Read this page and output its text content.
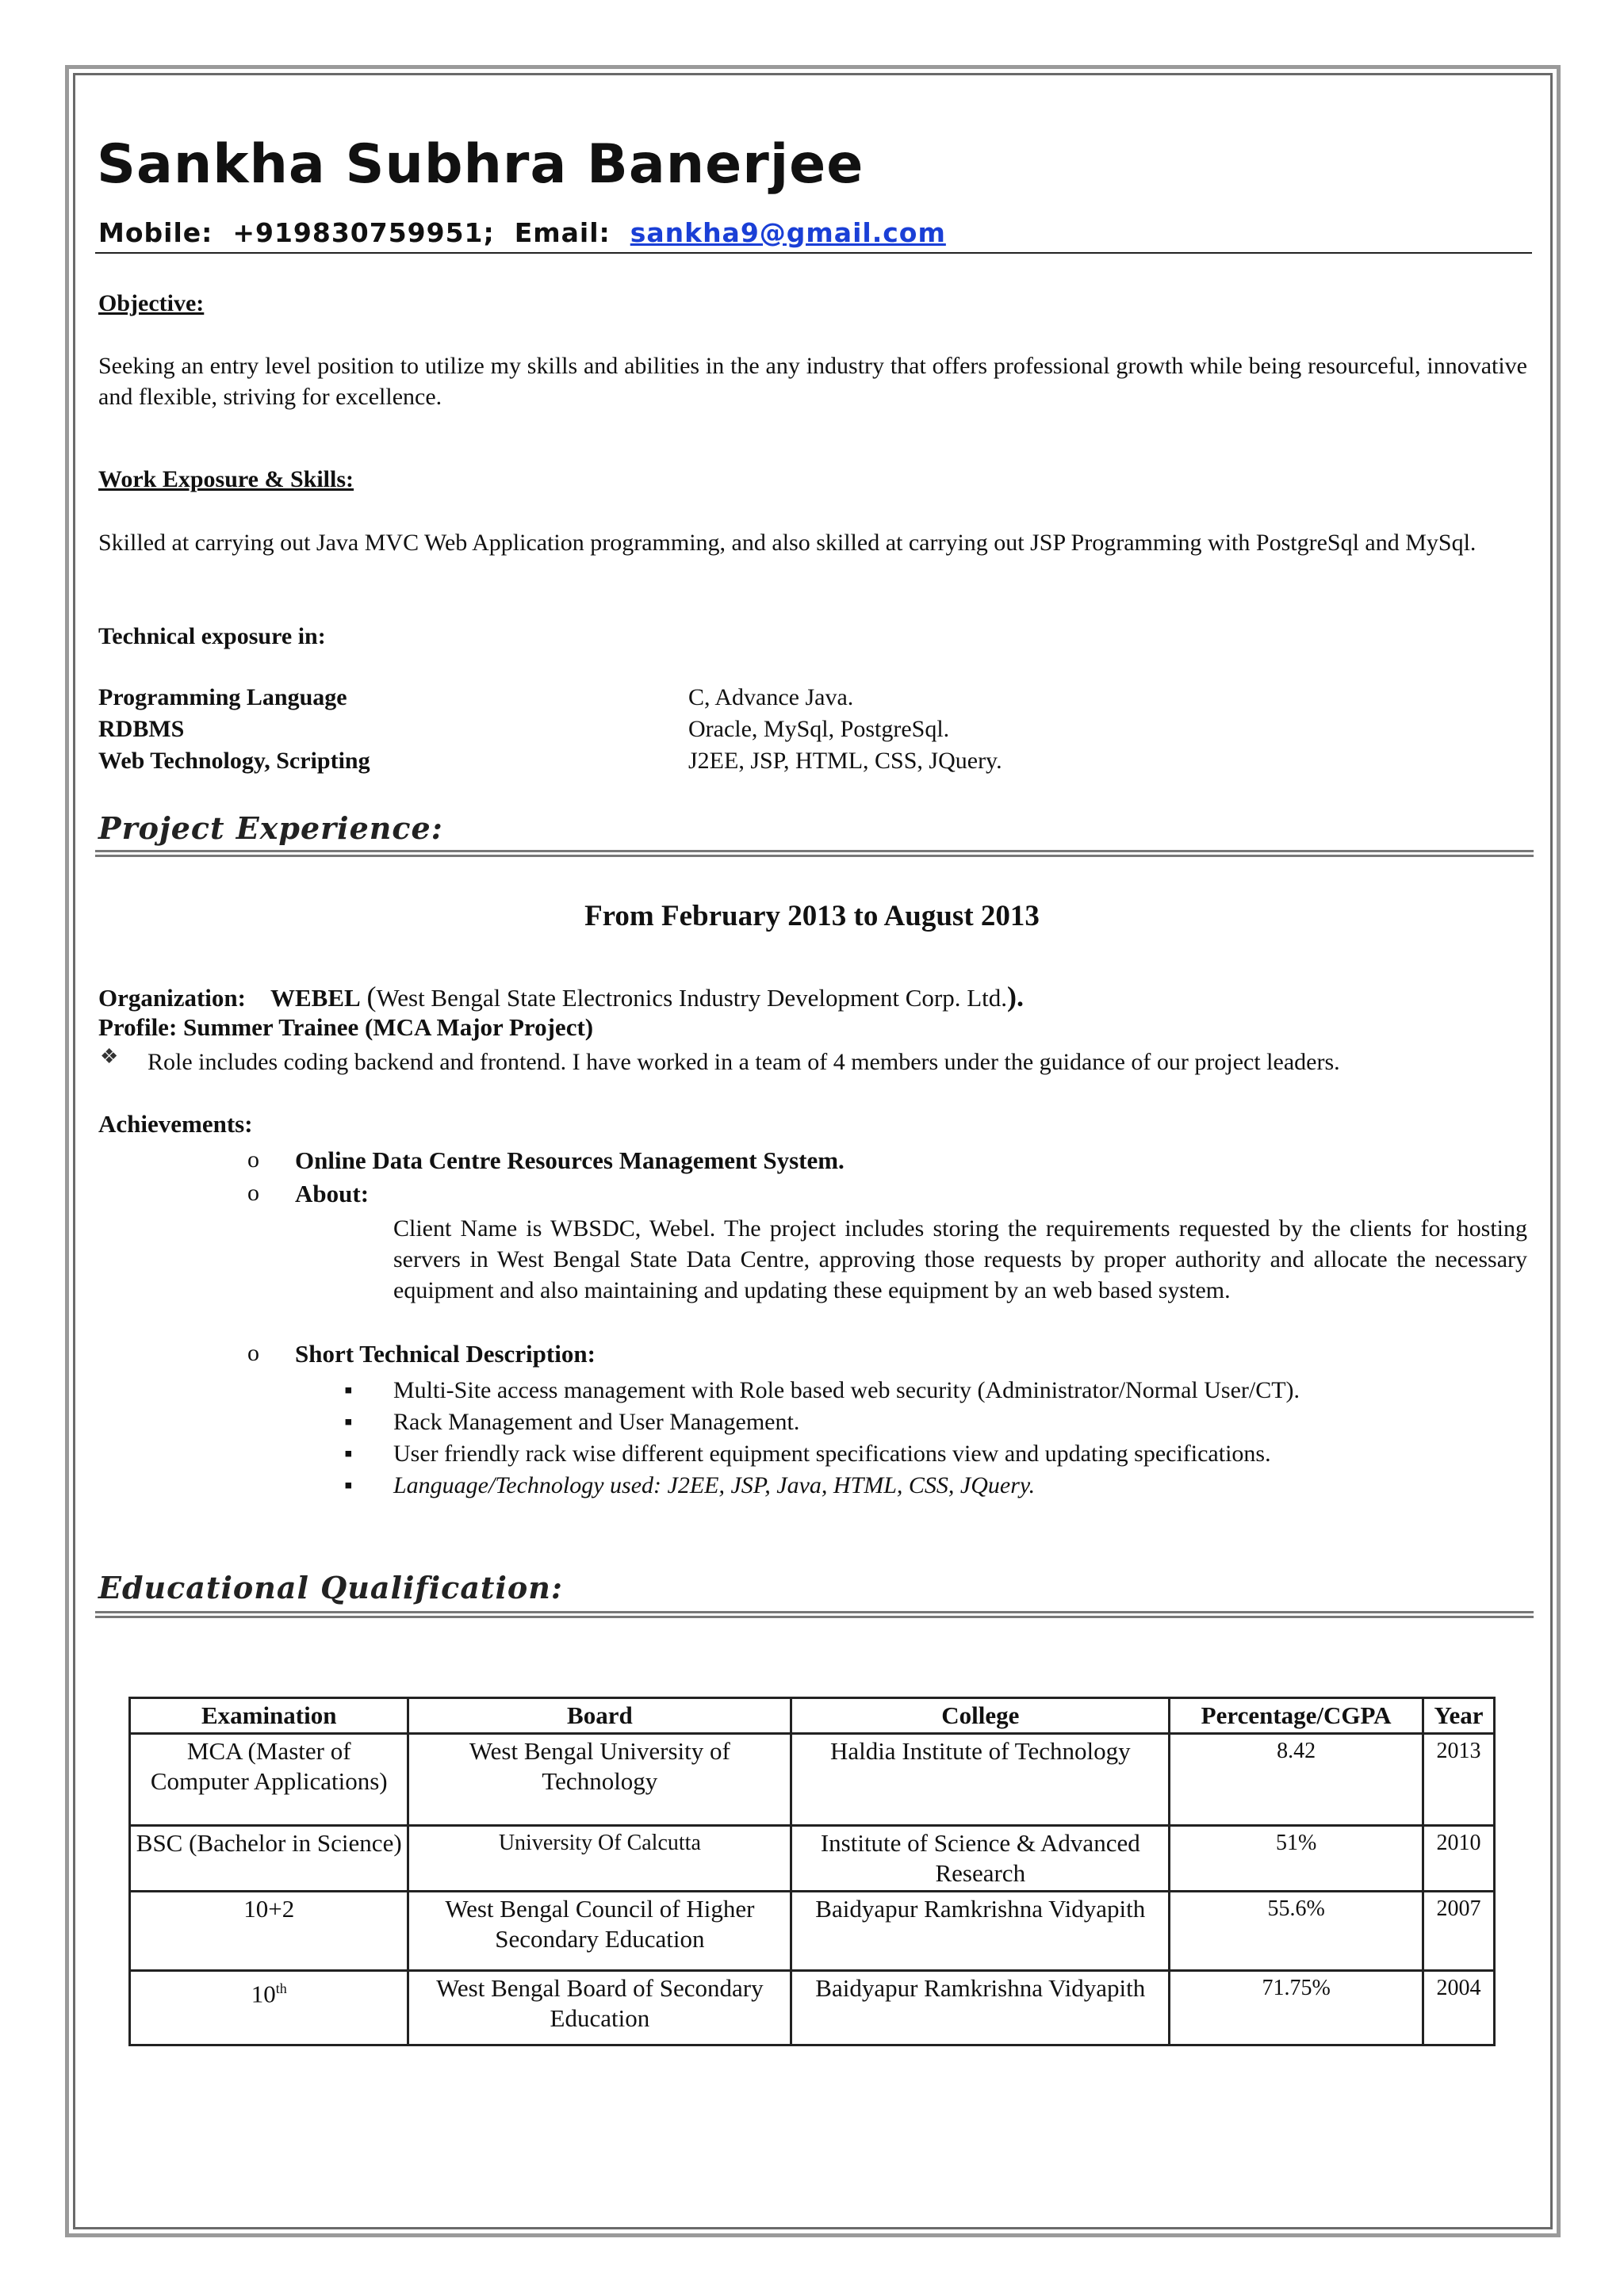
Sankha Subhra Banerjee
Mobile: +919830759951; Email: sankha9@gmail.com
Objective:
Seeking an entry level position to utilize my skills and abilities in the any industry that offers professional growth while being resourceful, innovative and flexible, striving for excellence.
Work Exposure & Skills:
Skilled at carrying out Java MVC Web Application programming, and also skilled at carrying out JSP Programming with PostgreSql and MySql.
Technical exposure in:
Programming Language	C, Advance Java.
RDBMS	Oracle, MySql, PostgreSql.
Web Technology, Scripting	J2EE, JSP, HTML, CSS, JQuery.
Project Experience:
From February 2013 to August 2013
Organization: WEBEL (West Bengal State Electronics Industry Development Corp. Ltd.).
Profile: Summer Trainee (MCA Major Project)
❖ Role includes coding backend and frontend. I have worked in a team of 4 members under the guidance of our project leaders.
Achievements:
o Online Data Centre Resources Management System.
o About:
Client Name is WBSDC, Webel. The project includes storing the requirements requested by the clients for hosting servers in West Bengal State Data Centre, approving those requests by proper authority and allocate the necessary equipment and also maintaining and updating these equipment by an web based system.
o Short Technical Description:
▪ Multi-Site access management with Role based web security (Administrator/Normal User/CT).
▪ Rack Management and User Management.
▪ User friendly rack wise different equipment specifications view and updating specifications.
▪ Language/Technology used: J2EE, JSP, Java, HTML, CSS, JQuery.
Educational Qualification:
Examination	Board	College	Percentage/CGPA	Year
MCA (Master of Computer Applications)	West Bengal University of Technology	Haldia Institute of Technology	8.42	2013
BSC (Bachelor in Science)	University Of Calcutta	Institute of Science & Advanced Research	51%	2010
10+2	West Bengal Council of Higher Secondary Education	Baidyapur Ramkrishna Vidyapith	55.6%	2007
10th	West Bengal Board of Secondary Education	Baidyapur Ramkrishna Vidyapith	71.75%	2004
